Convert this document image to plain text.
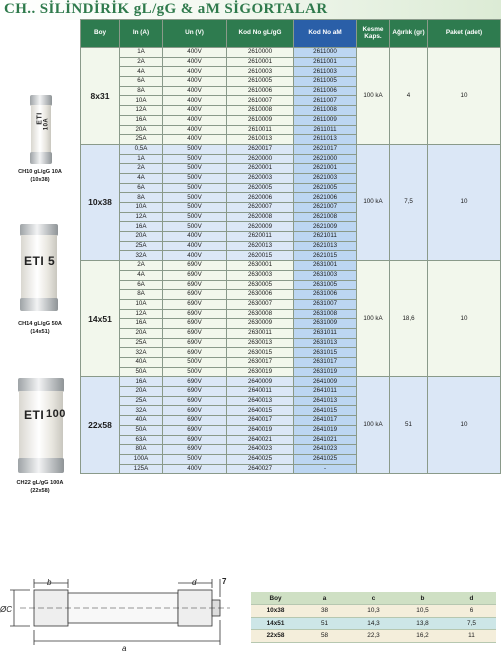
CH.. SİLİNDİRİK gL/gG & aM SİGORTALAR
ETI 10A
CH10 gL/gG 10A
(10x38)
ETI 5
CH14 gL/gG 50A
(14x51)
ETI 100
CH22 gL/gG 100A
(22x58)
Boy	In (A)	Un (V)	Kod No gL/gG	Kod No aM	Kesme Kaps.	Ağırlık (gr)	Paket (adet)
8x31	1A	400V	2610000	2611000	100 kA	4	10
	2A	400V	2610001	2611001			
	4A	400V	2610003	2611003			
	6A	400V	2610005	2611005			
	8A	400V	2610006	2611006			
	10A	400V	2610007	2611007			
	12A	400V	2610008	2611008			
	16A	400V	2610009	2611009			
	20A	400V	2610011	2611011			
	25A	400V	2610013	2611013			
10x38	0,5A	500V	2620017	2621017	100 kA	7,5	10
	1A	500V	2620000	2621000			
	2A	500V	2620001	2621001			
	4A	500V	2620003	2621003			
	6A	500V	2620005	2621005			
	8A	500V	2620006	2621006			
	10A	500V	2620007	2621007			
	12A	500V	2620008	2621008			
	16A	500V	2620009	2621009			
	20A	400V	2620011	2621011			
	25A	400V	2620013	2621013			
	32A	400V	2620015	2621015			
14x51	2A	690V	2630001	2631001	100 kA	18,6	10
	4A	690V	2630003	2631003			
	6A	690V	2630005	2631005			
	8A	690V	2630006	2631006			
	10A	690V	2630007	2631007			
	12A	690V	2630008	2631008			
	16A	690V	2630009	2631009			
	20A	690V	2630011	2631011			
	25A	690V	2630013	2631013			
	32A	690V	2630015	2631015			
	40A	500V	2630017	2631017			
	50A	500V	2630019	2631019			
22x58	16A	690V	2640009	2641009	100 kA	51	10
	20A	690V	2640011	2641011			
	25A	690V	2640013	2641013			
	32A	690V	2640015	2641015			
	40A	690V	2640017	2641017			
	50A	690V	2640019	2641019			
	63A	690V	2640021	2641021			
	80A	690V	2640023	2641023			
	100A	500V	2640025	2641025			
	125A	400V	2640027	-			
b	d	7
ØC
a
Boy	a	c	b	d
10x38	38	10,3	10,5	6
14x51	51	14,3	13,8	7,5
22x58	58	22,3	16,2	11
